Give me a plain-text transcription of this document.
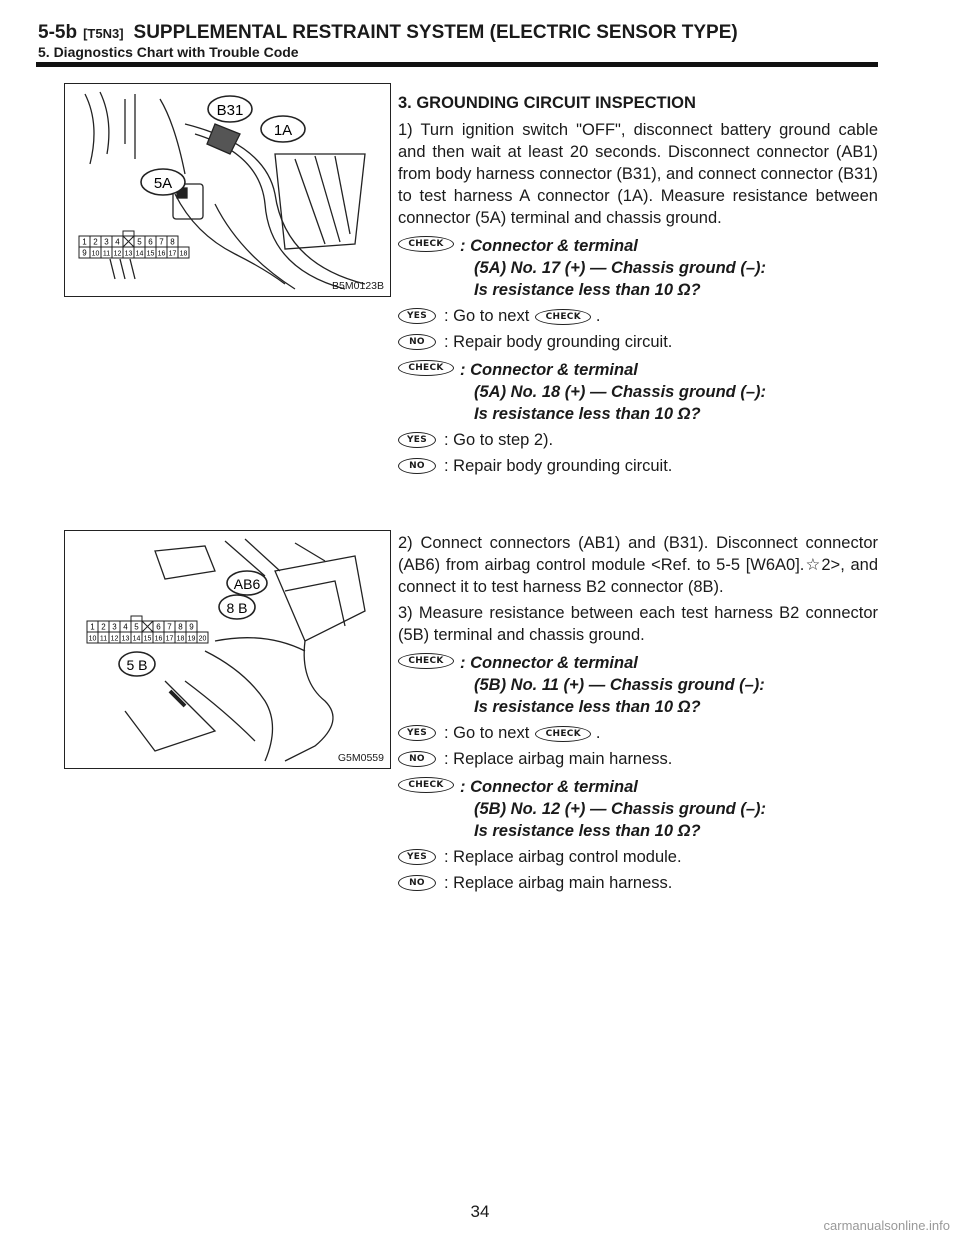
5-5b [T5N3] SUPPLEMENTAL RESTRAINT SYSTEM (ELECTRIC SENSOR TYPE)
5. Diagnostics Chart with Trouble Code
B31
1A
5A
1 2 3 4 5 6 7 8
9 10 11 12 13 14 15 16 17 18
B5M0123B
AB6
8 B
5 B
1 2 3 4 5 6 7 8 9
10 11 12 13 14 15 16 17 18 19 20
G5M0559
3. GROUNDING CIRCUIT INSPECTION

1) Turn ignition switch "OFF", disconnect battery ground cable and then wait at least 20 seconds. Disconnect connector (AB1) from body harness connector (B31), and connect connector (B31) to test harness A connector (1A). Measure resistance between connector (5A) terminal and chassis ground.

CHECK : Connector & terminal
(5A) No. 17 (+) — Chassis ground (–):
Is resistance less than 10 Ω?
YES	: Go to next CHECK .
NO	: Repair body grounding circuit.
CHECK : Connector & terminal
(5A) No. 18 (+) — Chassis ground (–):
Is resistance less than 10 Ω?
YES	: Go to step 2).
NO	: Repair body grounding circuit.

2) Connect connectors (AB1) and (B31). Disconnect connector (AB6) from airbag control module <Ref. to 5-5 [W6A0].☆2>, and connect it to test harness B2 connector (8B).

3) Measure resistance between each test harness B2 connector (5B) terminal and chassis ground.

CHECK : Connector & terminal
(5B) No. 11 (+) — Chassis ground (–):
Is resistance less than 10 Ω?
YES	: Go to next CHECK .
NO	: Replace airbag main harness.
CHECK : Connector & terminal
(5B) No. 12 (+) — Chassis ground (–):
Is resistance less than 10 Ω?
YES	: Replace airbag control module.
NO	: Replace airbag main harness.
34
carmanualsonline.info
